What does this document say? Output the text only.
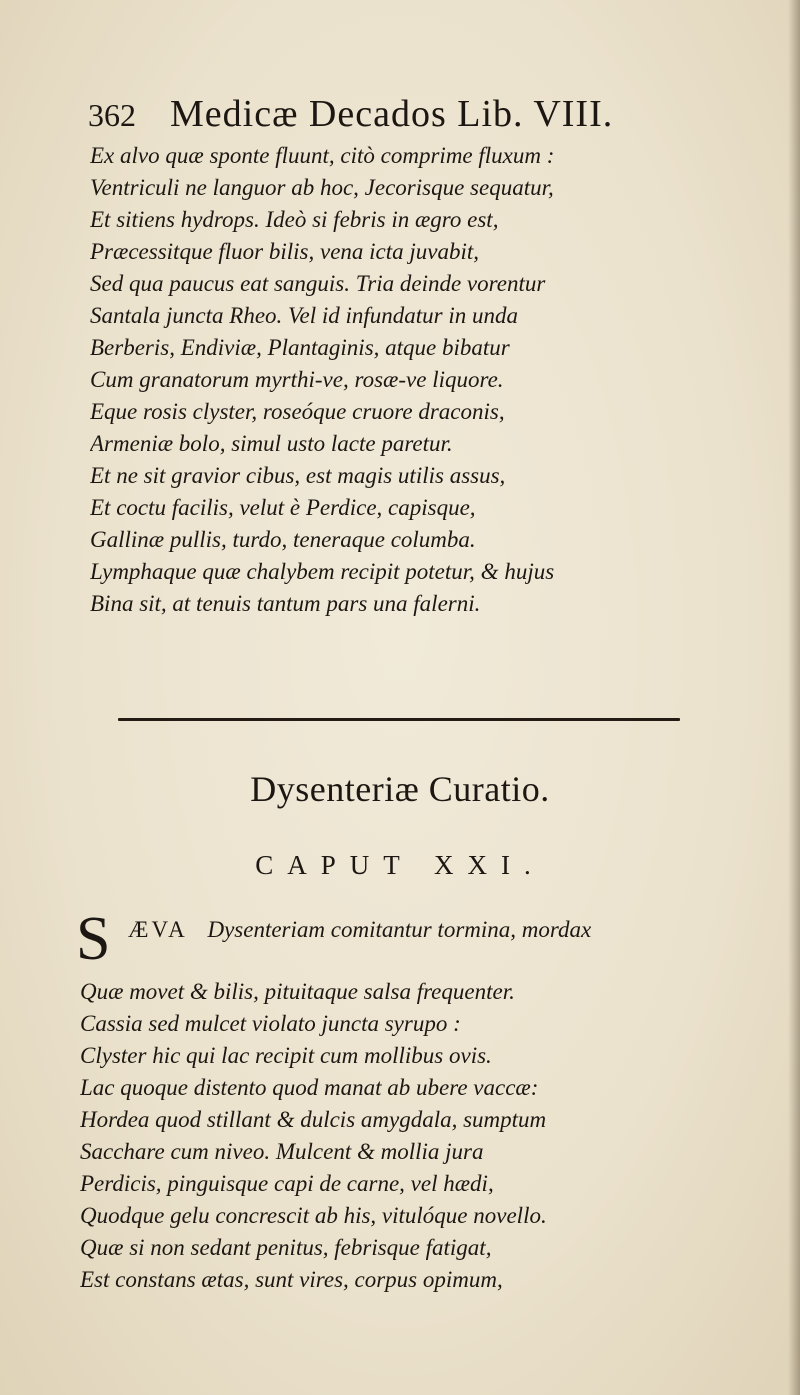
362 Medicæ Decados Lib. VIII.
Ex alvo quæ sponte fluunt, citò comprime fluxum :
Ventriculi ne languor ab hoc, Jecorisque sequatur,
Et sitiens hydrops. Ideò si febris in ægro est,
Præcessitque fluor bilis, vena icta juvabit,
Sed qua paucus eat sanguis. Tria deinde vorentur
Santala juncta Rheo. Vel id infundatur in unda
Berberis, Endiviæ, Plantaginis, atque bibatur
Cum granatorum myrthi-ve, rosæ-ve liquore.
Eque rosis clyster, roseóque cruore draconis,
Armeniæ bolo, simul usto lacte paretur.
Et ne sit gravior cibus, est magis utilis assus,
Et coctu facilis, velut è Perdice, capisque,
Gallinæ pullis, turdo, teneraque columba.
Lymphaque quæ chalybem recipit potetur, & hujus
Bina sit, at tenuis tantum pars una falerni.
Dysenteriæ Curatio.
CAPUT XXI.
S ÆVA Dysenteriam comitantur tormina, mordax
Quæ movet & bilis, pituitaque salsa frequenter.
Cassia sed mulcet violato juncta syrupo :
Clyster hic qui lac recipit cum mollibus ovis.
Lac quoque distento quod manat ab ubere vaccæ:
Hordea quod stillant & dulcis amygdala, sumptum
Sacchare cum niveo. Mulcent & mollia jura
Perdicis, pinguisque capi de carne, vel hædi,
Quodque gelu concrescit ab his, vitulóque novello.
Quæ si non sedant penitus, febrisque fatigat,
Est constans ætas, sunt vires, corpus opimum,
